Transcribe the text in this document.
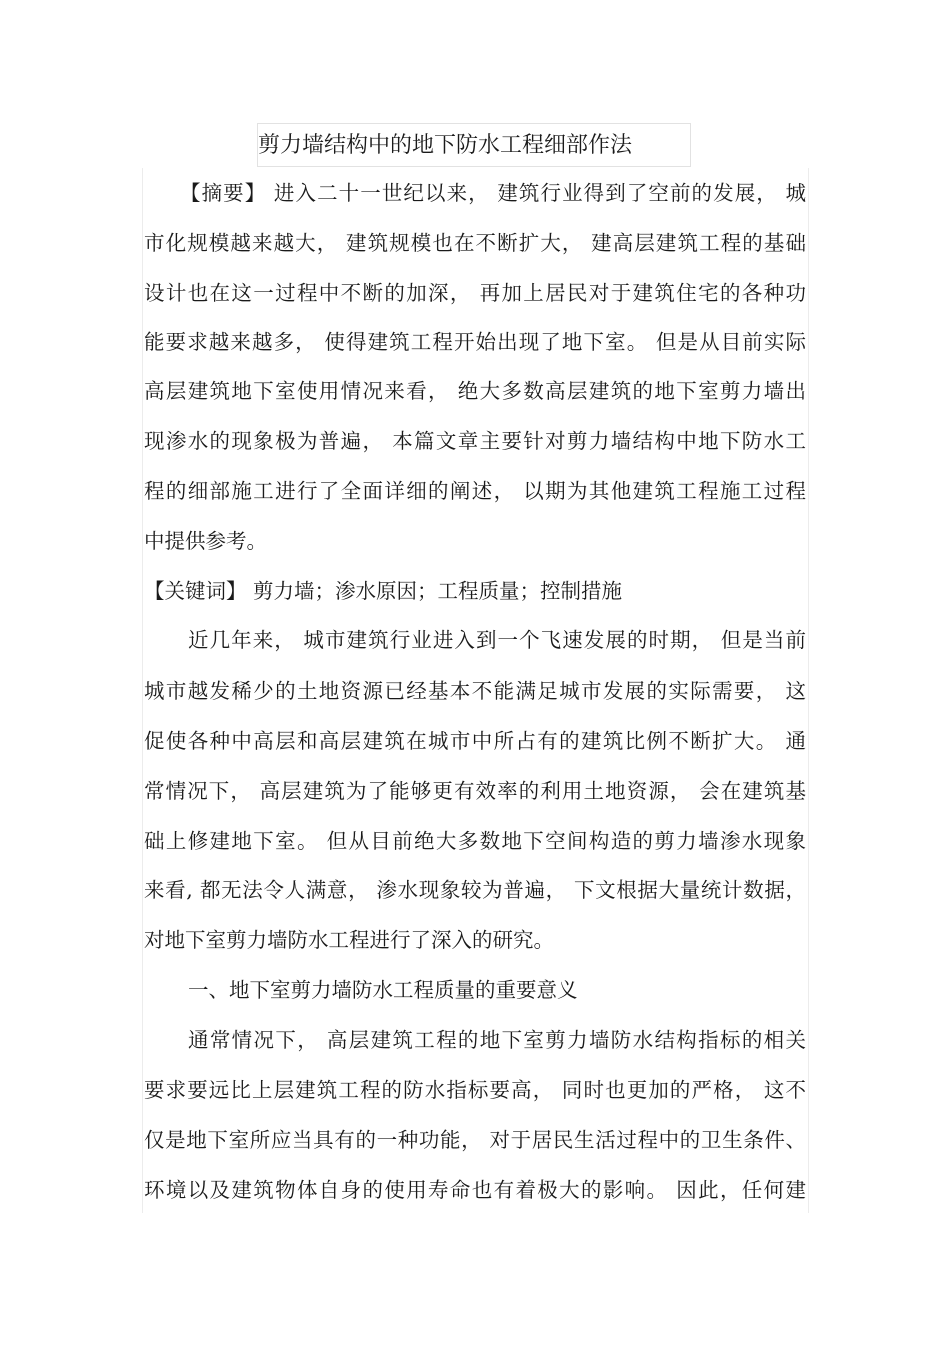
剪力墙结构中的地下防水工程细部作法
【摘要】 进入二十一世纪以来， 建筑行业得到了空前的发展， 城
市化规模越来越大， 建筑规模也在不断扩大， 建高层建筑工程的基础
设计也在这一过程中不断的加深， 再加上居民对于建筑住宅的各种功
能要求越来越多， 使得建筑工程开始出现了地下室。 但是从目前实际
高层建筑地下室使用情况来看， 绝大多数高层建筑的地下室剪力墙出
现渗水的现象极为普遍， 本篇文章主要针对剪力墙结构中地下防水工
程的细部施工进行了全面详细的阐述， 以期为其他建筑工程施工过程
中提供参考。
【关键词】 剪力墙；渗水原因；工程质量；控制措施
近几年来， 城市建筑行业进入到一个飞速发展的时期， 但是当前
城市越发稀少的土地资源已经基本不能满足城市发展的实际需要， 这
促使各种中高层和高层建筑在城市中所占有的建筑比例不断扩大。 通
常情况下， 高层建筑为了能够更有效率的利用土地资源， 会在建筑基
础上修建地下室。 但从目前绝大多数地下空间构造的剪力墙渗水现象
来看, 都无法令人满意， 渗水现象较为普遍， 下文根据大量统计数据，
对地下室剪力墙防水工程进行了深入的研究。
一、地下室剪力墙防水工程质量的重要意义
通常情况下， 高层建筑工程的地下室剪力墙防水结构指标的相关
要求要远比上层建筑工程的防水指标要高， 同时也更加的严格， 这不
仅是地下室所应当具有的一种功能， 对于居民生活过程中的卫生条件、
环境以及建筑物体自身的使用寿命也有着极大的影响。 因此，任何建
